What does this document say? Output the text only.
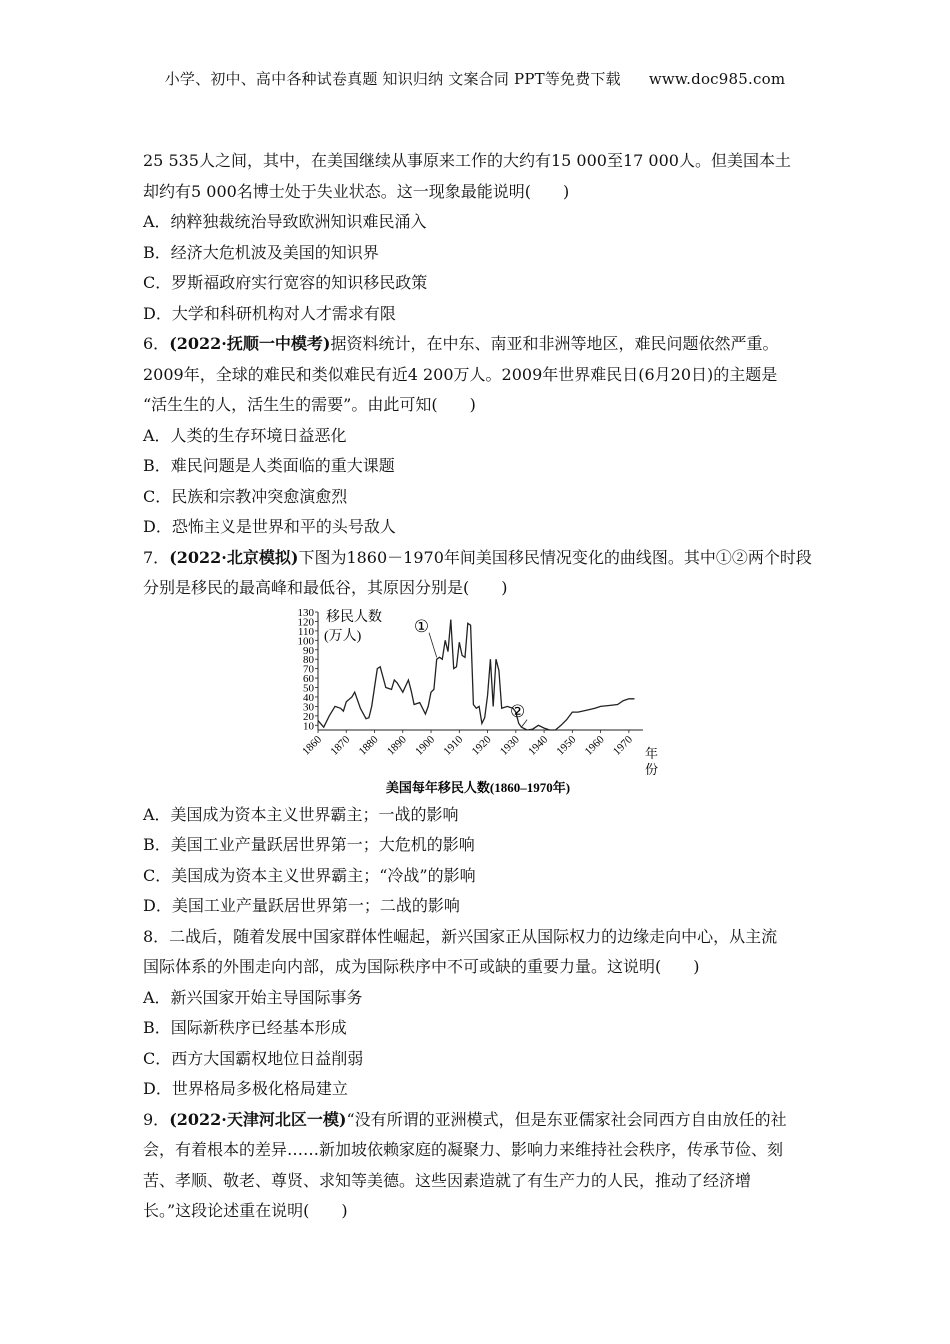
小学、初中、高中各种试卷真题 知识归纳 文案合同 PPT等免费下载 www.doc985.com

25 535人之间，其中，在美国继续从事原来工作的大约有15 000至17 000人。但美国本土

却约有5 000名博士处于失业状态。这一现象最能说明(　　)

A．纳粹独裁统治导致欧洲知识难民涌入

B．经济大危机波及美国的知识界

C．罗斯福政府实行宽容的知识移民政策

D．大学和科研机构对人才需求有限

6．(2022·抚顺一中模考)据资料统计，在中东、南亚和非洲等地区，难民问题依然严重。

2009年，全球的难民和类似难民有近4 200万人。2009年世界难民日(6月20日)的主题是

“活生生的人，活生生的需要”。由此可知(　　)

A．人类的生存环境日益恶化

B．难民问题是人类面临的重大课题

C．民族和宗教冲突愈演愈烈

D．恐怖主义是世界和平的头号敌人

7．(2022·北京模拟)下图为1860－1970年间美国移民情况变化的曲线图。其中①②两个时段

分别是移民的最高峰和最低谷，其原因分别是(　　)

10
20
30
40
50
60
70
80
90
100
110
120
130
1860 1870 1880 1890 1900 1910 1920 1930 1940 1950 1960 1970
①
②
移民人数
(万人)
年
份
美国每年移民人数(1860–1970年)

A．美国成为资本主义世界霸主；一战的影响

B．美国工业产量跃居世界第一；大危机的影响

C．美国成为资本主义世界霸主；“冷战”的影响

D．美国工业产量跃居世界第一；二战的影响

8．二战后，随着发展中国家群体性崛起，新兴国家正从国际权力的边缘走向中心，从主流

国际体系的外围走向内部，成为国际秩序中不可或缺的重要力量。这说明(　　)

A．新兴国家开始主导国际事务

B．国际新秩序已经基本形成

C．西方大国霸权地位日益削弱

D．世界格局多极化格局建立

9．(2022·天津河北区一模)“没有所谓的亚洲模式，但是东亚儒家社会同西方自由放任的社

会，有着根本的差异……新加坡依赖家庭的凝聚力、影响力来维持社会秩序，传承节俭、刻

苦、孝顺、敬老、尊贤、求知等美德。这些因素造就了有生产力的人民，推动了经济增

长。”这段论述重在说明(　　)
